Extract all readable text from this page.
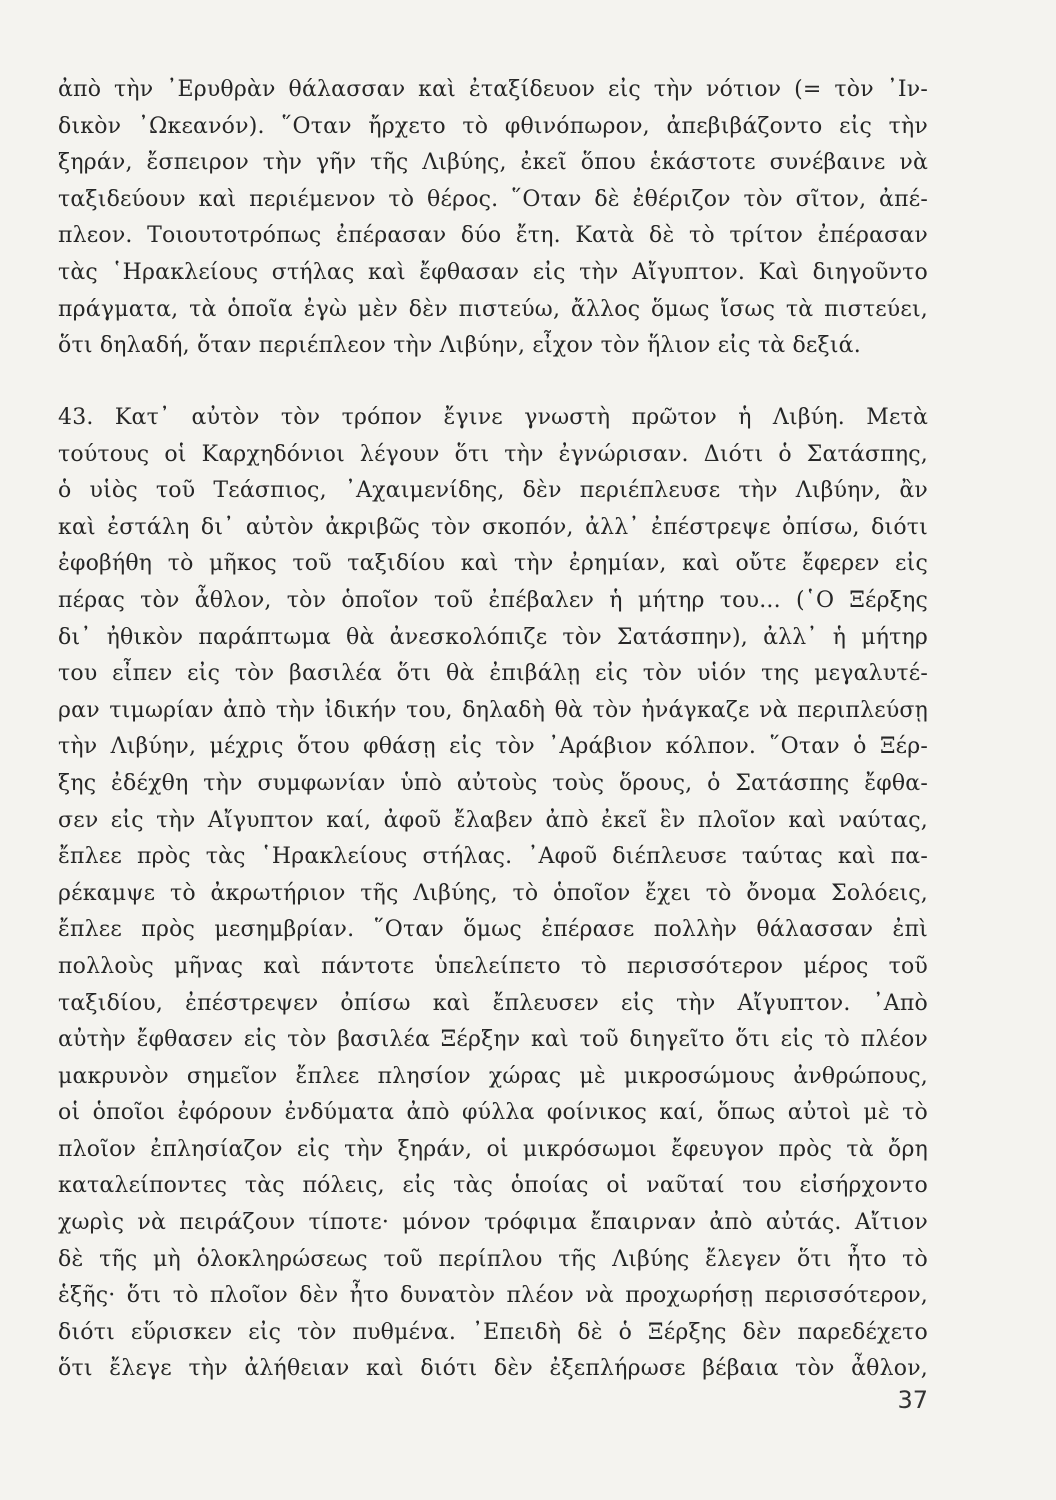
ἀπὸ τὴν ᾽Ερυθρὰν θάλασσαν καὶ ἐταξίδευον εἰς τὴν νότιον (= τὸν ᾽Ιν-
δικὸν ᾽Ωκεανόν). ῞Οταν ἤρχετο τὸ φθινόπωρον, ἀπεβιβάζοντο εἰς τὴν
ξηράν, ἔσπειρον τὴν γῆν τῆς Λιβύης, ἐκεῖ ὅπου ἑκάστοτε συνέβαινε νὰ
ταξιδεύουν καὶ περιέμενον τὸ θέρος. ῞Οταν δὲ ἐθέριζον τὸν σῖτον, ἀπέ-
πλεον. Τοιουτοτρόπως ἐπέρασαν δύο ἔτη. Κατὰ δὲ τὸ τρίτον ἐπέρασαν
τὰς ῾Ηρακλείους στήλας καὶ ἔφθασαν εἰς τὴν Αἴγυπτον. Καὶ διηγοῦντο
πράγματα, τὰ ὁποῖα ἐγὼ μὲν δὲν πιστεύω, ἄλλος ὅμως ἴσως τὰ πιστεύει,
ὅτι δηλαδή, ὅταν περιέπλεον τὴν Λιβύην, εἶχον τὸν ἥλιον εἰς τὰ δεξιά.
43. Κατ᾽ αὐτὸν τὸν τρόπον ἔγινε γνωστὴ πρῶτον ἡ Λιβύη. Μετὰ
τούτους οἱ Καρχηδόνιοι λέγουν ὅτι τὴν ἐγνώρισαν. Διότι ὁ Σατάσπης,
ὁ υἱὸς τοῦ Τεάσπιος, ᾽Αχαιμενίδης, δὲν περιέπλευσε τὴν Λιβύην, ἂν
καὶ ἐστάλη δι᾽ αὐτὸν ἀκριβῶς τὸν σκοπόν, ἀλλ᾽ ἐπέστρεψε ὀπίσω, διότι
ἐφοβήθη τὸ μῆκος τοῦ ταξιδίου καὶ τὴν ἐρημίαν, καὶ οὔτε ἔφερεν εἰς
πέρας τὸν ἆθλον, τὸν ὁποῖον τοῦ ἐπέβαλεν ἡ μήτηρ του... (῾Ο Ξέρξης
δι᾽ ἠθικὸν παράπτωμα θὰ ἀνεσκολόπιζε τὸν Σατάσπην), ἀλλ᾽ ἡ μήτηρ
του εἶπεν εἰς τὸν βασιλέα ὅτι θὰ ἐπιβάλῃ εἰς τὸν υἱόν της μεγαλυτέ-
ραν τιμωρίαν ἀπὸ τὴν ἰδικήν του, δηλαδὴ θὰ τὸν ἠνάγκαζε νὰ περιπλεύσῃ
τὴν Λιβύην, μέχρις ὅτου φθάσῃ εἰς τὸν ᾽Αράβιον κόλπον. ῞Οταν ὁ Ξέρ-
ξης ἐδέχθη τὴν συμφωνίαν ὑπὸ αὐτοὺς τοὺς ὅρους, ὁ Σατάσπης ἔφθα-
σεν εἰς τὴν Αἴγυπτον καί, ἀφοῦ ἔλαβεν ἀπὸ ἐκεῖ ἓν πλοῖον καὶ ναύτας,
ἔπλεε πρὸς τὰς ῾Ηρακλείους στήλας. ᾽Αφοῦ διέπλευσε ταύτας καὶ πα-
ρέκαμψε τὸ ἀκρωτήριον τῆς Λιβύης, τὸ ὁποῖον ἔχει τὸ ὄνομα Σολόεις,
ἔπλεε πρὸς μεσημβρίαν. ῞Οταν ὅμως ἐπέρασε πολλὴν θάλασσαν ἐπὶ
πολλοὺς μῆνας καὶ πάντοτε ὑπελείπετο τὸ περισσότερον μέρος τοῦ
ταξιδίου, ἐπέστρεψεν ὀπίσω καὶ ἔπλευσεν εἰς τὴν Αἴγυπτον. ᾽Απὸ
αὐτὴν ἔφθασεν εἰς τὸν βασιλέα Ξέρξην καὶ τοῦ διηγεῖτο ὅτι εἰς τὸ πλέον
μακρυνὸν σημεῖον ἔπλεε πλησίον χώρας μὲ μικροσώμους ἀνθρώπους,
οἱ ὁποῖοι ἐφόρουν ἐνδύματα ἀπὸ φύλλα φοίνικος καί, ὅπως αὐτοὶ μὲ τὸ
πλοῖον ἐπλησίαζον εἰς τὴν ξηράν, οἱ μικρόσωμοι ἔφευγον πρὸς τὰ ὄρη
καταλείποντες τὰς πόλεις, εἰς τὰς ὁποίας οἱ ναῦταί του εἰσήρχοντο
χωρὶς νὰ πειράζουν τίποτε· μόνον τρόφιμα ἔπαιρναν ἀπὸ αὐτάς. Αἴτιον
δὲ τῆς μὴ ὁλοκληρώσεως τοῦ περίπλου τῆς Λιβύης ἔλεγεν ὅτι ἦτο τὸ
ἑξῆς· ὅτι τὸ πλοῖον δὲν ἦτο δυνατὸν πλέον νὰ προχωρήσῃ περισσότερον,
διότι εὕρισκεν εἰς τὸν πυθμένα. ᾽Επειδὴ δὲ ὁ Ξέρξης δὲν παρεδέχετο
ὅτι ἔλεγε τὴν ἀλήθειαν καὶ διότι δὲν ἐξεπλήρωσε βέβαια τὸν ἆθλον,
37
